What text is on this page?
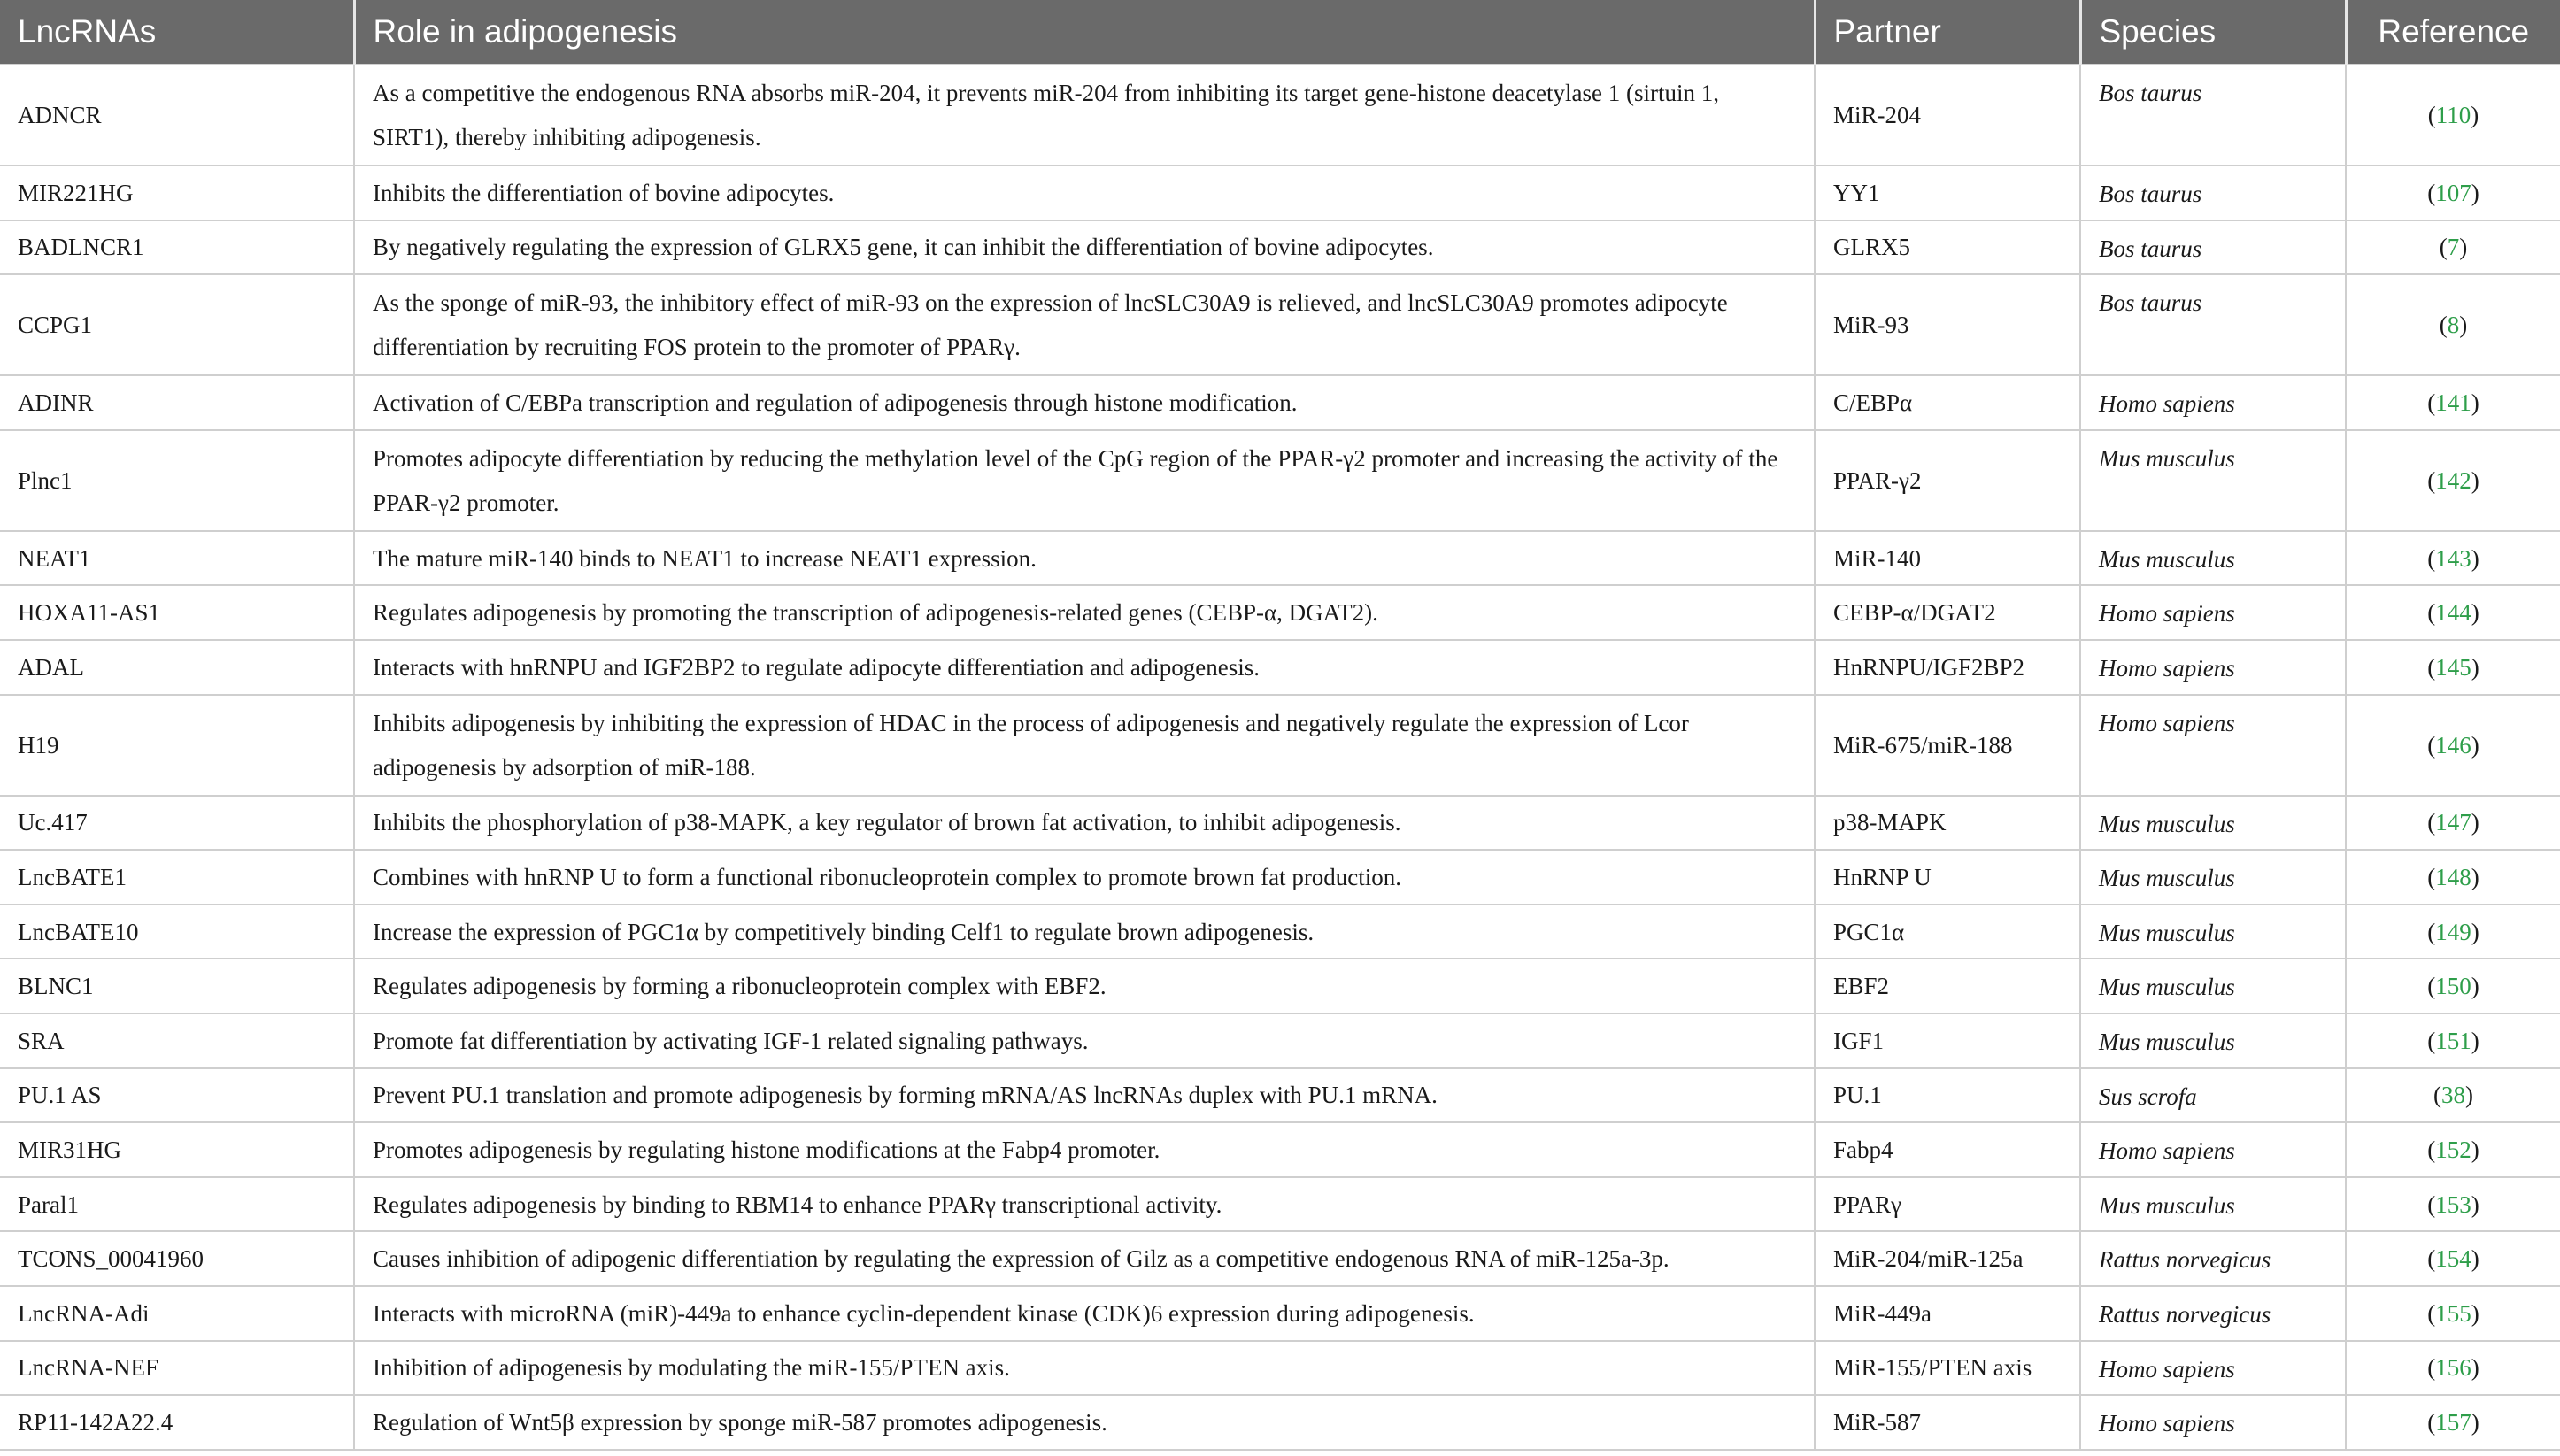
LncRNAs	Role in adipogenesis	Partner	Species	Reference
ADNCR	As a competitive the endogenous RNA absorbs miR-204, it prevents miR-204 from inhibiting its target gene-histone deacetylase 1 (sirtuin 1, SIRT1), thereby inhibiting adipogenesis.	MiR-204	Bos taurus	(110)
MIR221HG	Inhibits the differentiation of bovine adipocytes.	YY1	Bos taurus	(107)
BADLNCR1	By negatively regulating the expression of GLRX5 gene, it can inhibit the differentiation of bovine adipocytes.	GLRX5	Bos taurus	(7)
CCPG1	As the sponge of miR-93, the inhibitory effect of miR-93 on the expression of lncSLC30A9 is relieved, and lncSLC30A9 promotes adipocyte differentiation by recruiting FOS protein to the promoter of PPARγ.	MiR-93	Bos taurus	(8)
ADINR	Activation of C/EBPa transcription and regulation of adipogenesis through histone modification.	C/EBPα	Homo sapiens	(141)
Plnc1	Promotes adipocyte differentiation by reducing the methylation level of the CpG region of the PPAR-γ2 promoter and increasing the activity of the PPAR-γ2 promoter.	PPAR-γ2	Mus musculus	(142)
NEAT1	The mature miR-140 binds to NEAT1 to increase NEAT1 expression.	MiR-140	Mus musculus	(143)
HOXA11-AS1	Regulates adipogenesis by promoting the transcription of adipogenesis-related genes (CEBP-α, DGAT2).	CEBP-α/DGAT2	Homo sapiens	(144)
ADAL	Interacts with hnRNPU and IGF2BP2 to regulate adipocyte differentiation and adipogenesis.	HnRNPU/IGF2BP2	Homo sapiens	(145)
H19	Inhibits adipogenesis by inhibiting the expression of HDAC in the process of adipogenesis and negatively regulate the expression of Lcor adipogenesis by adsorption of miR-188.	MiR-675/miR-188	Homo sapiens	(146)
Uc.417	Inhibits the phosphorylation of p38-MAPK, a key regulator of brown fat activation, to inhibit adipogenesis.	p38-MAPK	Mus musculus	(147)
LncBATE1	Combines with hnRNP U to form a functional ribonucleoprotein complex to promote brown fat production.	HnRNP U	Mus musculus	(148)
LncBATE10	Increase the expression of PGC1α by competitively binding Celf1 to regulate brown adipogenesis.	PGC1α	Mus musculus	(149)
BLNC1	Regulates adipogenesis by forming a ribonucleoprotein complex with EBF2.	EBF2	Mus musculus	(150)
SRA	Promote fat differentiation by activating IGF-1 related signaling pathways.	IGF1	Mus musculus	(151)
PU.1 AS	Prevent PU.1 translation and promote adipogenesis by forming mRNA/AS lncRNAs duplex with PU.1 mRNA.	PU.1	Sus scrofa	(38)
MIR31HG	Promotes adipogenesis by regulating histone modifications at the Fabp4 promoter.	Fabp4	Homo sapiens	(152)
Paral1	Regulates adipogenesis by binding to RBM14 to enhance PPARγ transcriptional activity.	PPARγ	Mus musculus	(153)
TCONS_00041960	Causes inhibition of adipogenic differentiation by regulating the expression of Gilz as a competitive endogenous RNA of miR-125a-3p.	MiR-204/miR-125a	Rattus norvegicus	(154)
LncRNA-Adi	Interacts with microRNA (miR)-449a to enhance cyclin-dependent kinase (CDK)6 expression during adipogenesis.	MiR-449a	Rattus norvegicus	(155)
LncRNA-NEF	Inhibition of adipogenesis by modulating the miR-155/PTEN axis.	MiR-155/PTEN axis	Homo sapiens	(156)
RP11-142A22.4	Regulation of Wnt5β expression by sponge miR-587 promotes adipogenesis.	MiR-587	Homo sapiens	(157)
